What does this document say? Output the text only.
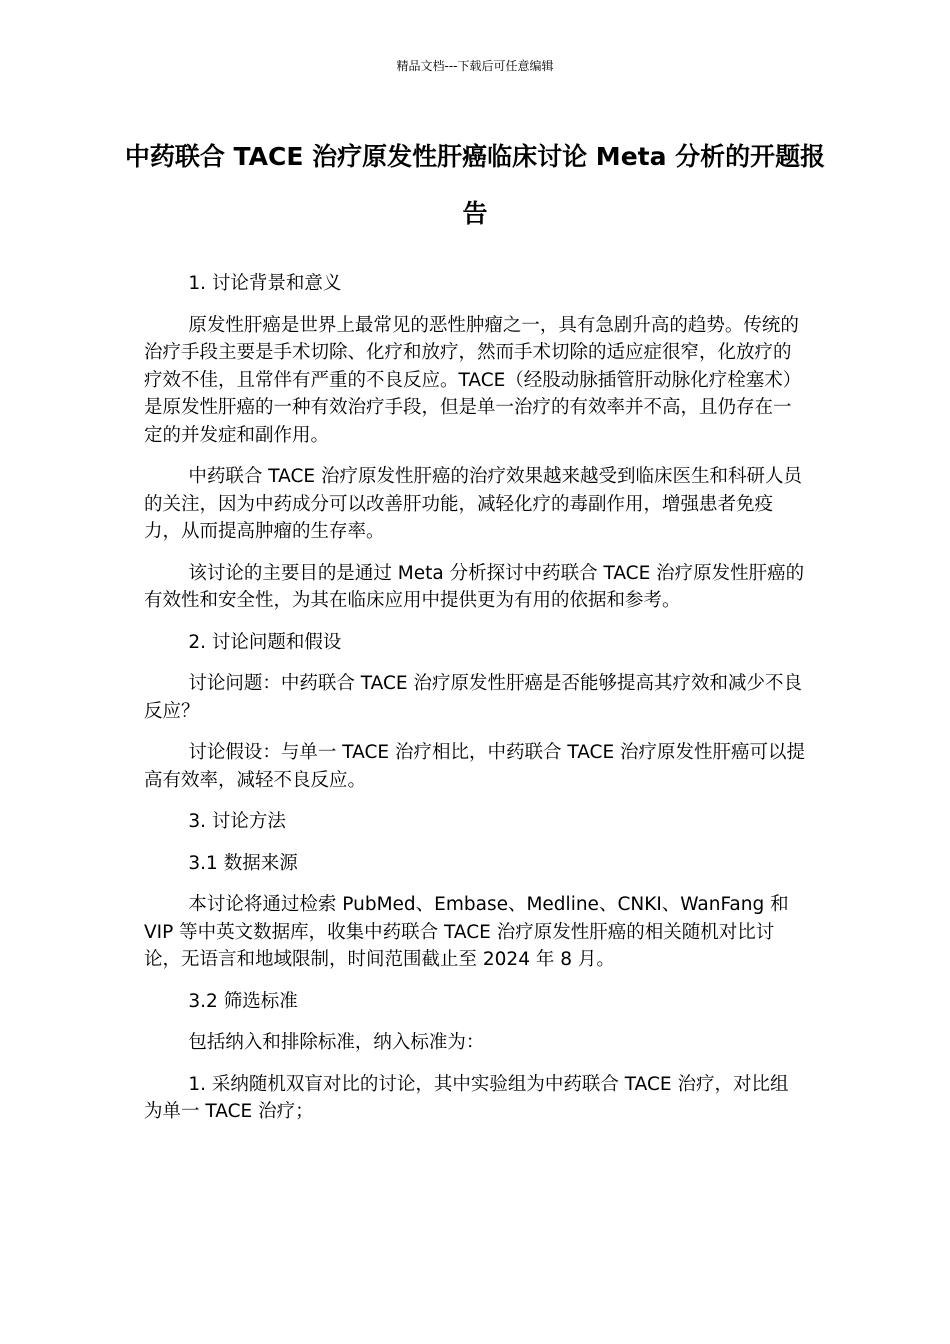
精品文档---下载后可任意编辑
中药联合 TACE 治疗原发性肝癌临床讨论 Meta 分析的开题报告

1. 讨论背景和意义

原发性肝癌是世界上最常见的恶性肿瘤之一，具有急剧升高的趋势。传统的治疗手段主要是手术切除、化疗和放疗，然而手术切除的适应症很窄，化放疗的疗效不佳，且常伴有严重的不良反应。TACE（经股动脉插管肝动脉化疗栓塞术）是原发性肝癌的一种有效治疗手段，但是单一治疗的有效率并不高，且仍存在一定的并发症和副作用。

中药联合 TACE 治疗原发性肝癌的治疗效果越来越受到临床医生和科研人员的关注，因为中药成分可以改善肝功能，减轻化疗的毒副作用，增强患者免疫力，从而提高肿瘤的生存率。

该讨论的主要目的是通过 Meta 分析探讨中药联合 TACE 治疗原发性肝癌的有效性和安全性，为其在临床应用中提供更为有用的依据和参考。

2. 讨论问题和假设

讨论问题：中药联合 TACE 治疗原发性肝癌是否能够提高其疗效和减少不良反应？

讨论假设：与单一 TACE 治疗相比，中药联合 TACE 治疗原发性肝癌可以提高有效率，减轻不良反应。

3. 讨论方法

3.1 数据来源

本讨论将通过检索 PubMed、Embase、Medline、CNKI、WanFang 和 VIP 等中英文数据库，收集中药联合 TACE 治疗原发性肝癌的相关随机对比讨论，无语言和地域限制，时间范围截止至 2024 年 8 月。

3.2 筛选标准

包括纳入和排除标准，纳入标准为：

1. 采纳随机双盲对比的讨论，其中实验组为中药联合 TACE 治疗，对比组为单一 TACE 治疗；
